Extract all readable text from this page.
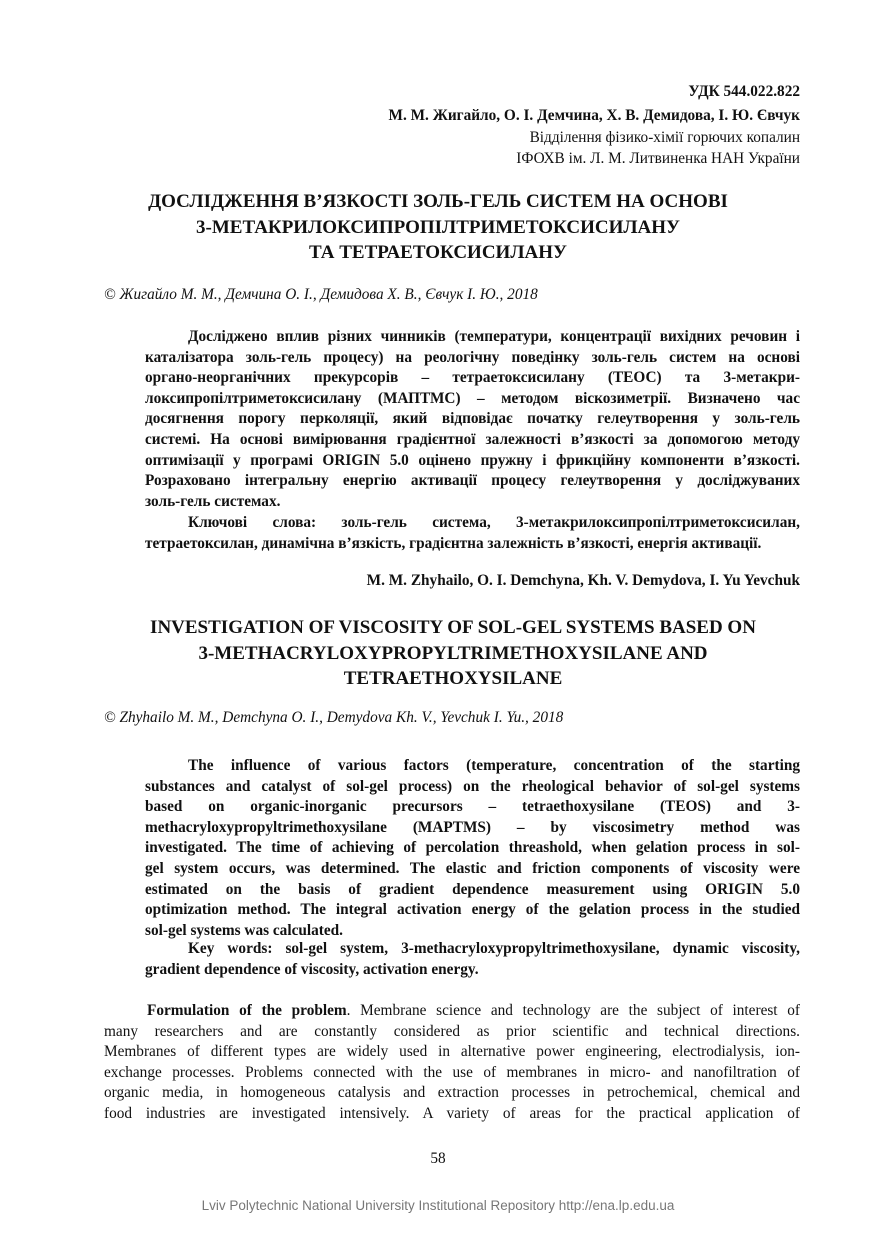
УДК 544.022.822
М. М. Жигайло, О. І. Демчина, Х. В. Демидова, І. Ю. Євчук
Відділення фізико-хімії горючих копалин
ІФОХВ ім. Л. М. Литвиненка НАН України
ДОСЛІДЖЕННЯ В’ЯЗКОСТІ ЗОЛЬ-ГЕЛЬ СИСТЕМ НА ОСНОВІ
3-МЕТАКРИЛОКСИПРОПІЛТРИМЕТОКСИСИЛАНУ
ТА ТЕТРАЕТОКСИСИЛАНУ
© Жигайло М. М., Демчина О. І., Демидова Х. В., Євчук І. Ю., 2018
Досліджено вплив різних чинників (температури, концентрації вихідних речовин і
каталізатора золь-гель процесу) на реологічну поведінку золь-гель систем на основі
органо-неорганічних прекурсорів – тетраетоксисилану (ТЕОС) та 3-метакри-
локсипропілтриметоксисилану (МАПТМС) – методом віскозиметрії. Визначено час
досягнення порогу перколяції, який відповідає початку гелеутворення у золь-гель
системі. На основі вимірювання градієнтної залежності в’язкості за допомогою методу
оптимізації у програмі ORIGIN 5.0 оцінено пружну і фрикційну компоненти в’язкості.
Розраховано інтегральну енергію активації процесу гелеутворення у досліджуваних
золь-гель системах.
Ключові слова: золь-гель система, 3-метакрилоксипропілтриметоксисилан,
тетраетоксилан, динамічна в’язкість, градієнтна залежність в’язкості, енергія активації.
M. M. Zhyhailo, O. I. Demchyna, Kh. V. Demydova, I. Yu Yevchuk
INVESTIGATION OF VISCOSITY OF SOL-GEL SYSTEMS BASED ON
3-METHACRYLOXYPROPYLTRIMETHOXYSILANE AND
TETRAETHOXYSILANE
© Zhyhailo M. M., Demchyna O. I., Demydova Kh. V., Yevchuk I. Yu., 2018
The influence of various factors (temperature, concentration of the starting
substances and catalyst of sol-gel process) on the rheological behavior of sol-gel systems
based on organic-inorganic precursors – tetraethoxysilane (TEOS) and 3-
methacryloxypropyltrimethoxysilane (MAPTMS) – by viscosimetry method was
investigated. The time of achieving of percolation threashold, when gelation process in sol-
gel system occurs, was determined. The elastic and friction components of viscosity were
estimated on the basis of gradient dependence measurement using ORIGIN 5.0
optimization method. The integral activation energy of the gelation process in the studied
sol-gel systems was calculated.
Key words: sol-gel system, 3-methacryloxypropyltrimethoxysilane, dynamic viscosity,
gradient dependence of viscosity, activation energy.
Formulation of the problem. Membrane science and technology are the subject of interest of
many researchers and are constantly considered as prior scientific and technical directions.
Membranes of different types are widely used in alternative power engineering, electrodialysis, ion-
exchange processes. Problems connected with the use of membranes in micro- and nanofiltration of
organic media, in homogeneous catalysis and extraction processes in petrochemical, chemical and
food industries are investigated intensively. A variety of areas for the practical application of
58
Lviv Polytechnic National University Institutional Repository http://ena.lp.edu.ua
